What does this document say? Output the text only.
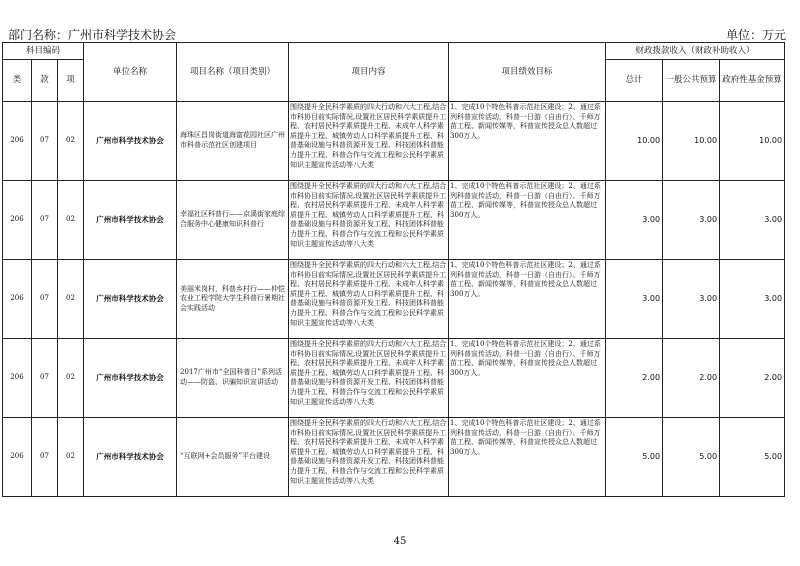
部门名称：广州市科学技术协会	单位：万元
科目编码			单位名称	项目名称（项目类别）	项目内容	项目绩效目标	财政拨款收入（财政补助收入）		
类	款	项					总计	一般公共预算	政府性基金预算

206	07	02	广州市科学技术协会	海珠区昌岗街道海富花园社区广州市科普示范社区创建项目	围绕提升全民科学素质的四大行动和六大工程,结合市科协目前实际情况,设置社区居民科学素质提升工程、农村居民科学素质提升工程、未成年人科学素质提升工程、城镇劳动人口科学素质提升工程、科普基础设施与科普资源开发工程、科技团体科普能力提升工程、科普合作与交流工程和公民科学素质知识主题宣传活动等八大类	1、完成10个特色科普示范社区建设；2、通过系列科普宣传活动，科普一日游（自由行）、千师万苗工程、新闻传媒等，科普宣传授众总人数超过300万人。	10.00	10.00	10.00
206	07	02	广州市科学技术协会	幸福社区科普行——京溪街家庭综合服务中心健康知识科普行	围绕提升全民科学素质的四大行动和六大工程,结合市科协目前实际情况,设置社区居民科学素质提升工程、农村居民科学素质提升工程、未成年人科学素质提升工程、城镇劳动人口科学素质提升工程、科普基础设施与科普资源开发工程、科技团体科普能力提升工程、科普合作与交流工程和公民科学素质知识主题宣传活动等八大类	1、完成10个特色科普示范社区建设；2、通过系列科普宣传活动，科普一日游（自由行）、千师万苗工程、新闻传媒等，科普宣传授众总人数超过300万人。	3.00	3.00	3.00
206	07	02	广州市科学技术协会	美丽米岗村，科普乡村行——仲恺农业工程学院大学生科普行暑期社会实践活动	围绕提升全民科学素质的四大行动和六大工程,结合市科协目前实际情况,设置社区居民科学素质提升工程、农村居民科学素质提升工程、未成年人科学素质提升工程、城镇劳动人口科学素质提升工程、科普基础设施与科普资源开发工程、科技团体科普能力提升工程、科普合作与交流工程和公民科学素质知识主题宣传活动等八大类	1、完成10个特色科普示范社区建设；2、通过系列科普宣传活动，科普一日游（自由行）、千师万苗工程、新闻传媒等，科普宣传授众总人数超过300万人。	3.00	3.00	3.00
206	07	02	广州市科学技术协会	2017广州市“全国科普日”系列活动——防盗、识骗知识宣讲活动	围绕提升全民科学素质的四大行动和六大工程,结合市科协目前实际情况,设置社区居民科学素质提升工程、农村居民科学素质提升工程、未成年人科学素质提升工程、城镇劳动人口科学素质提升工程、科普基础设施与科普资源开发工程、科技团体科普能力提升工程、科普合作与交流工程和公民科学素质知识主题宣传活动等八大类	1、完成10个特色科普示范社区建设；2、通过系列科普宣传活动，科普一日游（自由行）、千师万苗工程、新闻传媒等，科普宣传授众总人数超过300万人。	2.00	2.00	2.00
206	07	02	广州市科学技术协会	“互联网+会员服务”平台建设	围绕提升全民科学素质的四大行动和六大工程,结合市科协目前实际情况,设置社区居民科学素质提升工程、农村居民科学素质提升工程、未成年人科学素质提升工程、城镇劳动人口科学素质提升工程、科普基础设施与科普资源开发工程、科技团体科普能力提升工程、科普合作与交流工程和公民科学素质知识主题宣传活动等八大类	1、完成10个特色科普示范社区建设；2、通过系列科普宣传活动，科普一日游（自由行）、千师万苗工程、新闻传媒等，科普宣传授众总人数超过300万人。	5.00	5.00	5.00
45
